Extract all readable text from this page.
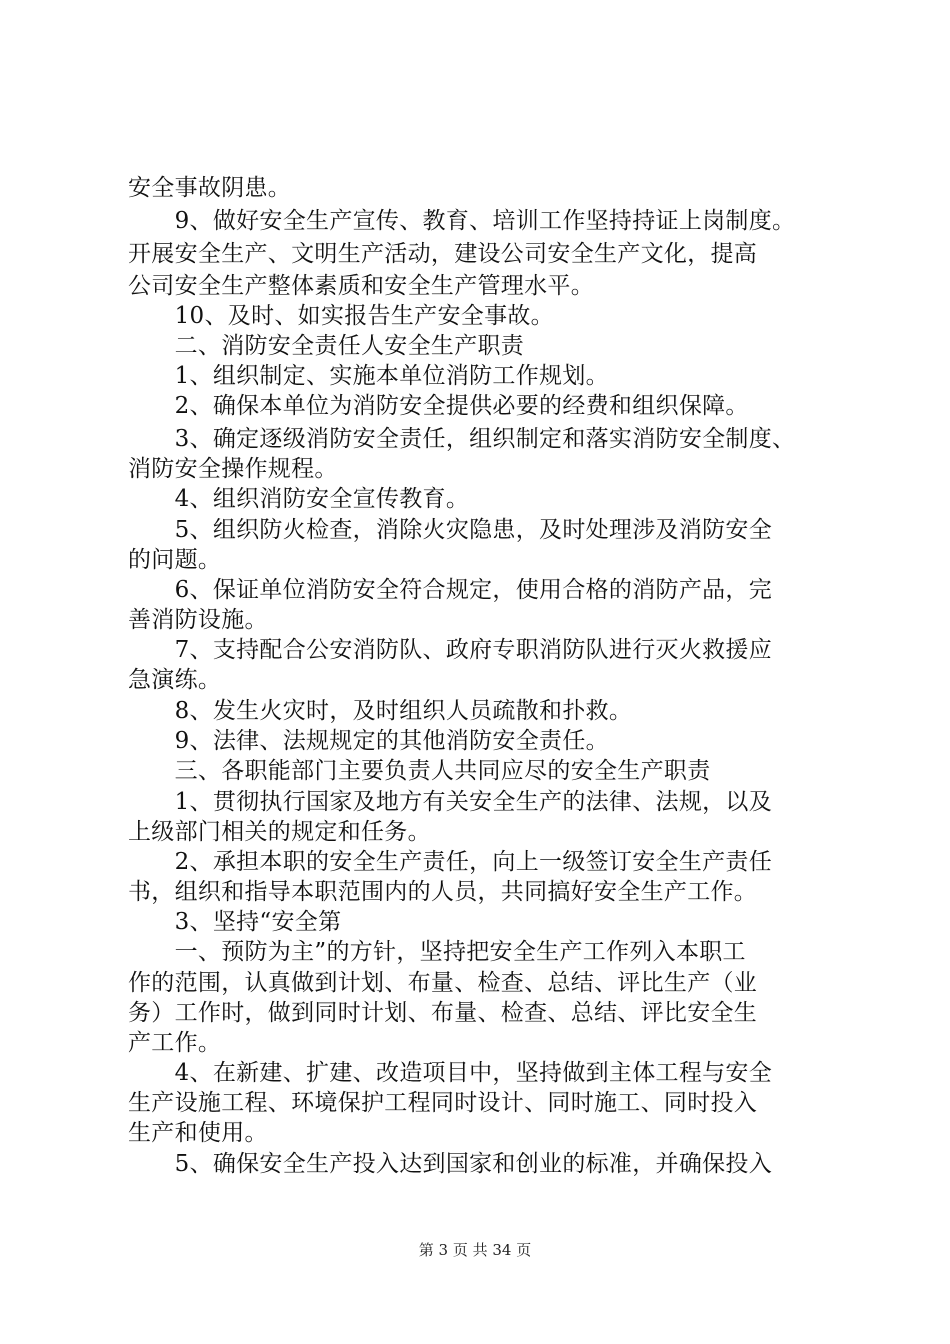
安全事故阴患。
　　9、做好安全生产宣传、教育、培训工作坚持持证上岗制度。
开展安全生产、文明生产活动，建设公司安全生产文化，提高
公司安全生产整体素质和安全生产管理水平。
　　10、及时、如实报告生产安全事故。
　　二、消防安全责任人安全生产职责
　　1、组织制定、实施本单位消防工作规划。
　　2、确保本单位为消防安全提供必要的经费和组织保障。
　　3、确定逐级消防安全责任，组织制定和落实消防安全制度、
消防安全操作规程。
　　4、组织消防安全宣传教育。
　　5、组织防火检查，消除火灾隐患，及时处理涉及消防安全
的问题。
　　6、保证单位消防安全符合规定，使用合格的消防产品，完
善消防设施。
　　7、支持配合公安消防队、政府专职消防队进行灭火救援应
急演练。
　　8、发生火灾时，及时组织人员疏散和扑救。
　　9、法律、法规规定的其他消防安全责任。
　　三、各职能部门主要负责人共同应尽的安全生产职责
　　1、贯彻执行国家及地方有关安全生产的法律、法规，以及
上级部门相关的规定和任务。
　　2、承担本职的安全生产责任，向上一级签订安全生产责任
书，组织和指导本职范围内的人员，共同搞好安全生产工作。
　　3、坚持“安全第
　　一、预防为主”的方针，坚持把安全生产工作列入本职工
作的范围，认真做到计划、布量、检查、总结、评比生产（业
务）工作时，做到同时计划、布量、检查、总结、评比安全生
产工作。
　　4、在新建、扩建、改造项目中，坚持做到主体工程与安全
生产设施工程、环境保护工程同时设计、同时施工、同时投入
生产和使用。
　　5、确保安全生产投入达到国家和创业的标准，并确保投入
第 3 页 共 34 页
